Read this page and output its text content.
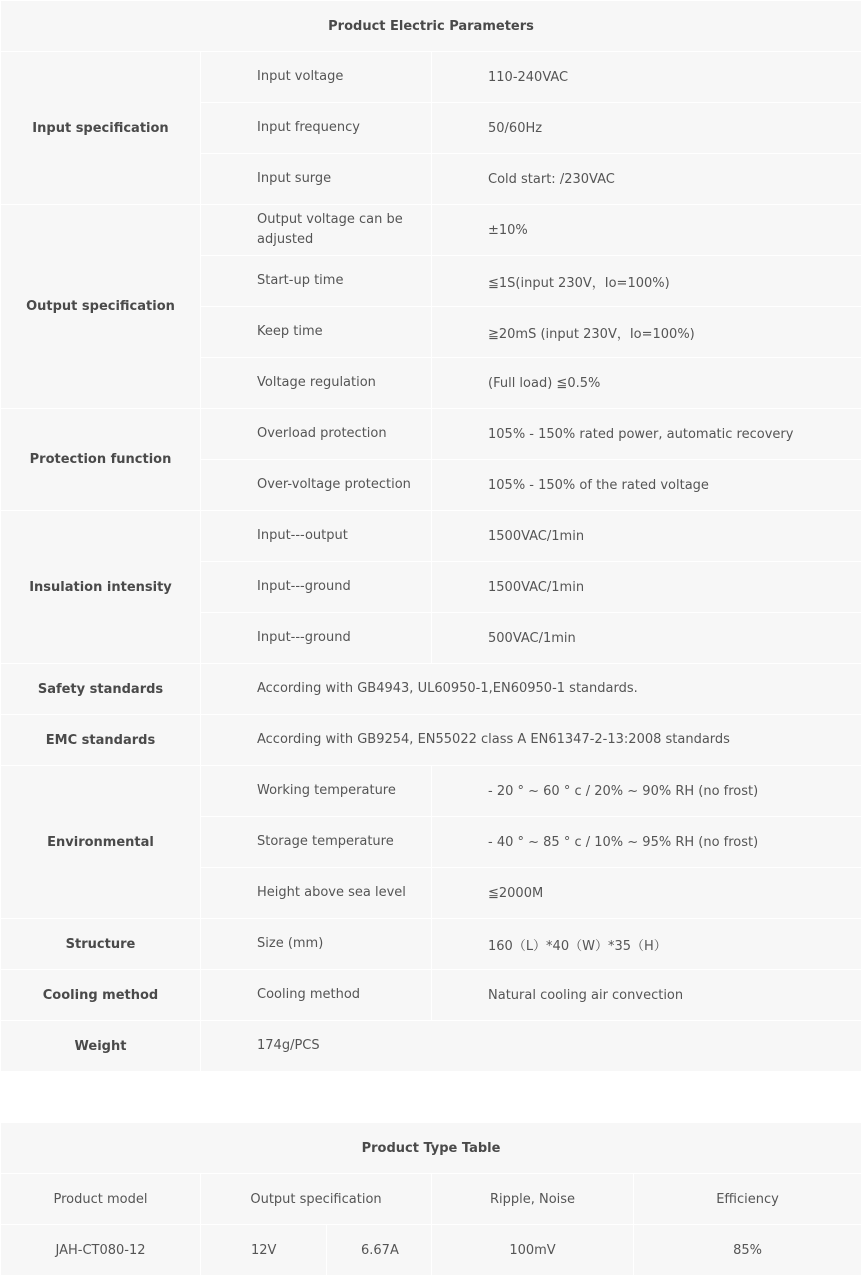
Product Electric Parameters		
Input specification	Input voltage	110-240VAC
	Input frequency	50/60Hz
	Input surge	Cold start: /230VAC
Output specification	Output voltage can be adjusted	±10%
	Start-up time	≦1S(input 230V，Io=100%)
	Keep time	≧20mS (input 230V，Io=100%)
	Voltage regulation	(Full load) ≦0.5%
Protection function	Overload protection	105% - 150% rated power, automatic recovery
	Over-voltage protection	105% - 150% of the rated voltage
Insulation intensity	Input---output	1500VAC/1min
	Input---ground	1500VAC/1min
	Input---ground	500VAC/1min
Safety standards	According with GB4943, UL60950-1,EN60950-1 standards.	
EMC standards	According with GB9254, EN55022 class A EN61347-2-13:2008 standards	
Environmental	Working temperature	- 20 ° ~ 60 ° c / 20% ~ 90% RH (no frost)
	Storage temperature	- 40 ° ~ 85 ° c / 10% ~ 95% RH (no frost)
	Height above sea level	≦2000M
Structure	Size (mm)	160（L）*40（W）*35（H）
Cooling method	Cooling method	Natural cooling air convection
Weight	174g/PCS	
Product Type Table				
Product model	Output specification		Ripple, Noise	Efficiency
JAH-CT080-12	12V	6.67A	100mV	85%
